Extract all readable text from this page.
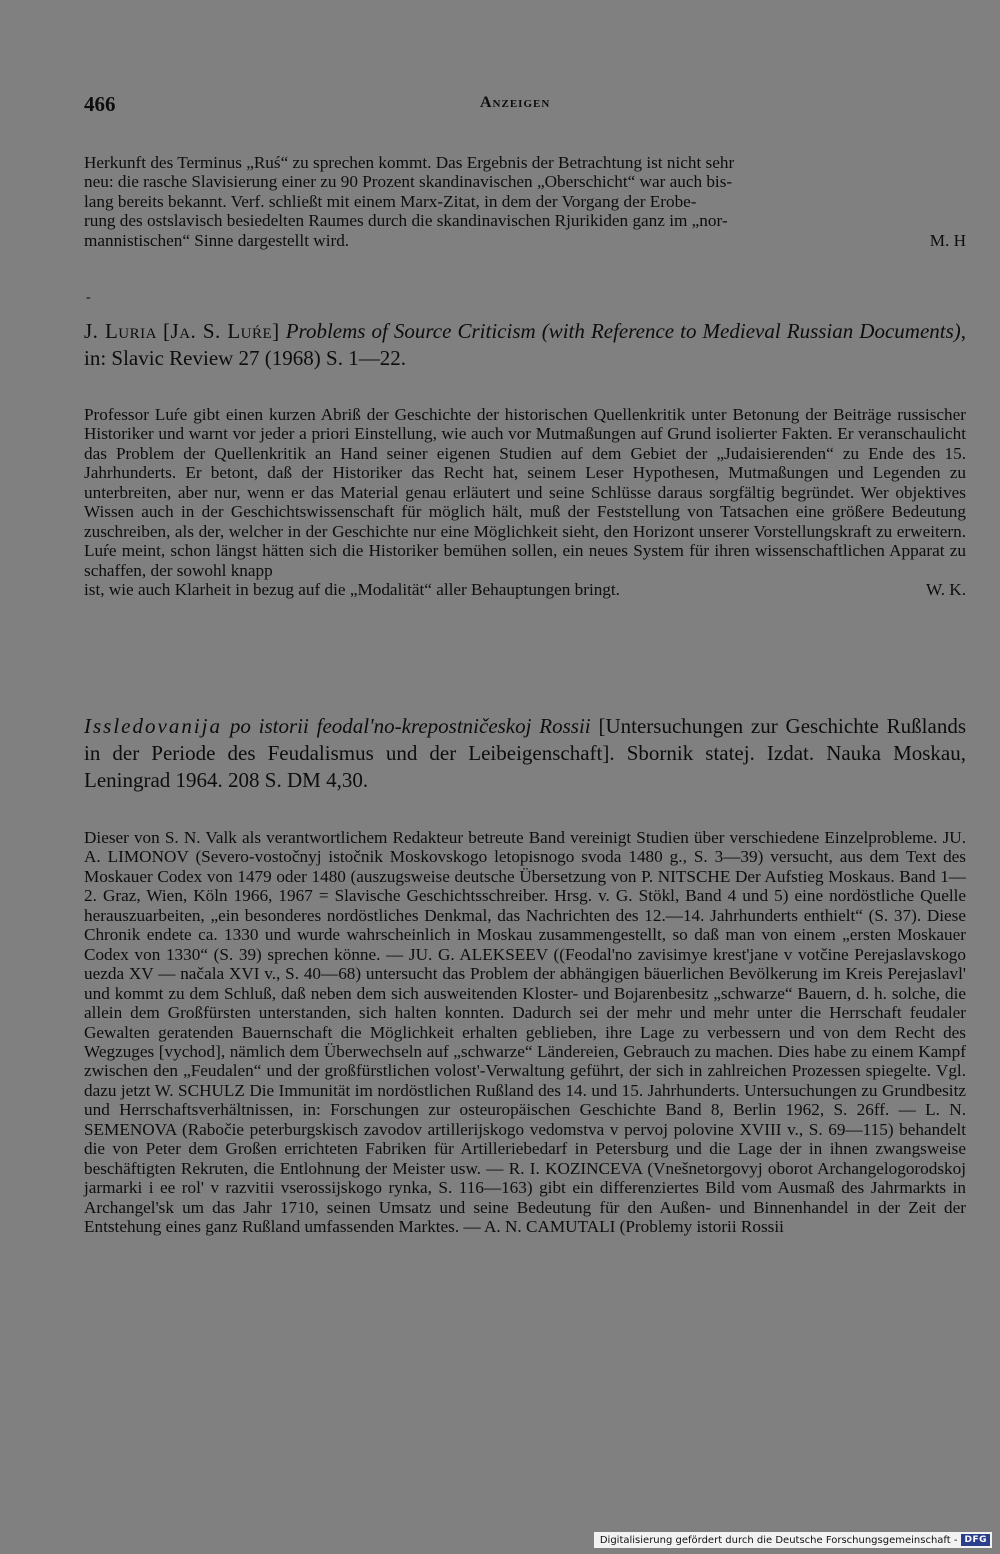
466	Anzeigen

Herkunft des Terminus „Ruś“ zu sprechen kommt. Das Ergebnis der Betrachtung ist nicht sehr

neu: die rasche Slavisierung einer zu 90 Prozent skandinavischen „Oberschicht“ war auch bis-

lang bereits bekannt. Verf. schließt mit einem Marx-Zitat, in dem der Vorgang der Erobe-

rung des ostslavisch besiedelten Raumes durch die skandinavischen Rjurikiden ganz im „nor-

mannistischen“ Sinne dargestellt wird.	M. H
-

J. Luria [Ja. S. Luŕe] Problems of Source Criticism (with Reference to Medieval Russian Documents), in: Slavic Review 27 (1968) S. 1—22.

Professor Luŕe gibt einen kurzen Abriß der Geschichte der historischen Quellenkritik unter Betonung der Beiträge russischer Historiker und warnt vor jeder a priori Einstellung, wie auch vor Mutmaßungen auf Grund isolierter Fakten. Er veranschaulicht das Problem der Quellenkritik an Hand seiner eigenen Studien auf dem Gebiet der „Judaisierenden“ zu Ende des 15. Jahrhunderts. Er betont, daß der Historiker das Recht hat, seinem Leser Hypothesen, Mutmaßungen und Legenden zu unterbreiten, aber nur, wenn er das Material genau erläutert und seine Schlüsse daraus sorgfältig begründet. Wer objektives Wissen auch in der Geschichtswissenschaft für möglich hält, muß der Feststellung von Tatsachen eine größere Bedeutung zuschreiben, als der, welcher in der Geschichte nur eine Möglichkeit sieht, den Horizont unserer Vorstellungskraft zu erweitern. Luŕe meint, schon längst hätten sich die Historiker bemühen sollen, ein neues System für ihren wissenschaftlichen Apparat zu schaffen, der sowohl knapp

ist, wie auch Klarheit in bezug auf die „Modalität“ aller Behauptungen bringt.	W. K.

Issledovanija po istorii feodal'no-krepostničeskoj Rossii [Untersuchungen zur Geschichte Rußlands in der Periode des Feudalismus und der Leibeigenschaft]. Sbornik statej. Izdat. Nauka Moskau, Leningrad 1964. 208 S. DM 4,30.

Dieser von S. N. Valk als verantwortlichem Redakteur betreute Band vereinigt Studien über verschiedene Einzelprobleme. JU. A. LIMONOV (Severo-vostočnyj istočnik Moskovskogo letopisnogo svoda 1480 g., S. 3—39) versucht, aus dem Text des Moskauer Codex von 1479 oder 1480 (auszugsweise deutsche Übersetzung von P. NITSCHE Der Aufstieg Moskaus. Band 1—2. Graz, Wien, Köln 1966, 1967 = Slavische Geschichtsschreiber. Hrsg. v. G. Stökl, Band 4 und 5) eine nordöstliche Quelle herauszuarbeiten, „ein besonderes nordöstliches Denkmal, das Nachrichten des 12.—14. Jahrhunderts enthielt“ (S. 37). Diese Chronik endete ca. 1330 und wurde wahrscheinlich in Moskau zusammengestellt, so daß man von einem „ersten Moskauer Codex von 1330“ (S. 39) sprechen könne. — JU. G. ALEKSEEV ((Feodal'no zavisimye krest'jane v votčine Perejaslavskogo uezda XV — načala XVI v., S. 40—68) untersucht das Problem der abhängigen bäuerlichen Bevölkerung im Kreis Perejaslavl' und kommt zu dem Schluß, daß neben dem sich ausweitenden Kloster- und Bojarenbesitz „schwarze“ Bauern, d. h. solche, die allein dem Großfürsten unterstanden, sich halten konnten. Dadurch sei der mehr und mehr unter die Herrschaft feudaler Gewalten geratenden Bauernschaft die Möglichkeit erhalten geblieben, ihre Lage zu verbessern und von dem Recht des Wegzuges [vychod], nämlich dem Überwechseln auf „schwarze“ Ländereien, Gebrauch zu machen. Dies habe zu einem Kampf zwischen den „Feudalen“ und der großfürstlichen volost'-Verwaltung geführt, der sich in zahlreichen Prozessen spiegelte. Vgl. dazu jetzt W. SCHULZ Die Immunität im nordöstlichen Rußland des 14. und 15. Jahrhunderts. Untersuchungen zu Grundbesitz und Herrschaftsverhältnissen, in: Forschungen zur osteuropäischen Geschichte Band 8, Berlin 1962, S. 26ff. — L. N. SEMENOVA (Rabočie peterburgskisch zavodov artillerijskogo vedomstva v pervoj polovine XVIII v., S. 69—115) behandelt die von Peter dem Großen errichteten Fabriken für Artilleriebedarf in Petersburg und die Lage der in ihnen zwangsweise beschäftigten Rekruten, die Entlohnung der Meister usw. — R. I. KOZINCEVA (Vnešnetorgovyj oborot Archangelogorodskoj jarmarki i ee rol' v razvitii vserossijskogo rynka, S. 116—163) gibt ein differenziertes Bild vom Ausmaß des Jahrmarkts in Archangel'sk um das Jahr 1710, seinen Umsatz und seine Bedeutung für den Außen- und Binnenhandel in der Zeit der Entstehung eines ganz Rußland umfassenden Marktes. — A. N. CAMUTALI (Problemy istorii Rossii

Digitalisierung gefördert durch die Deutsche Forschungsgemeinschaft - DFG
